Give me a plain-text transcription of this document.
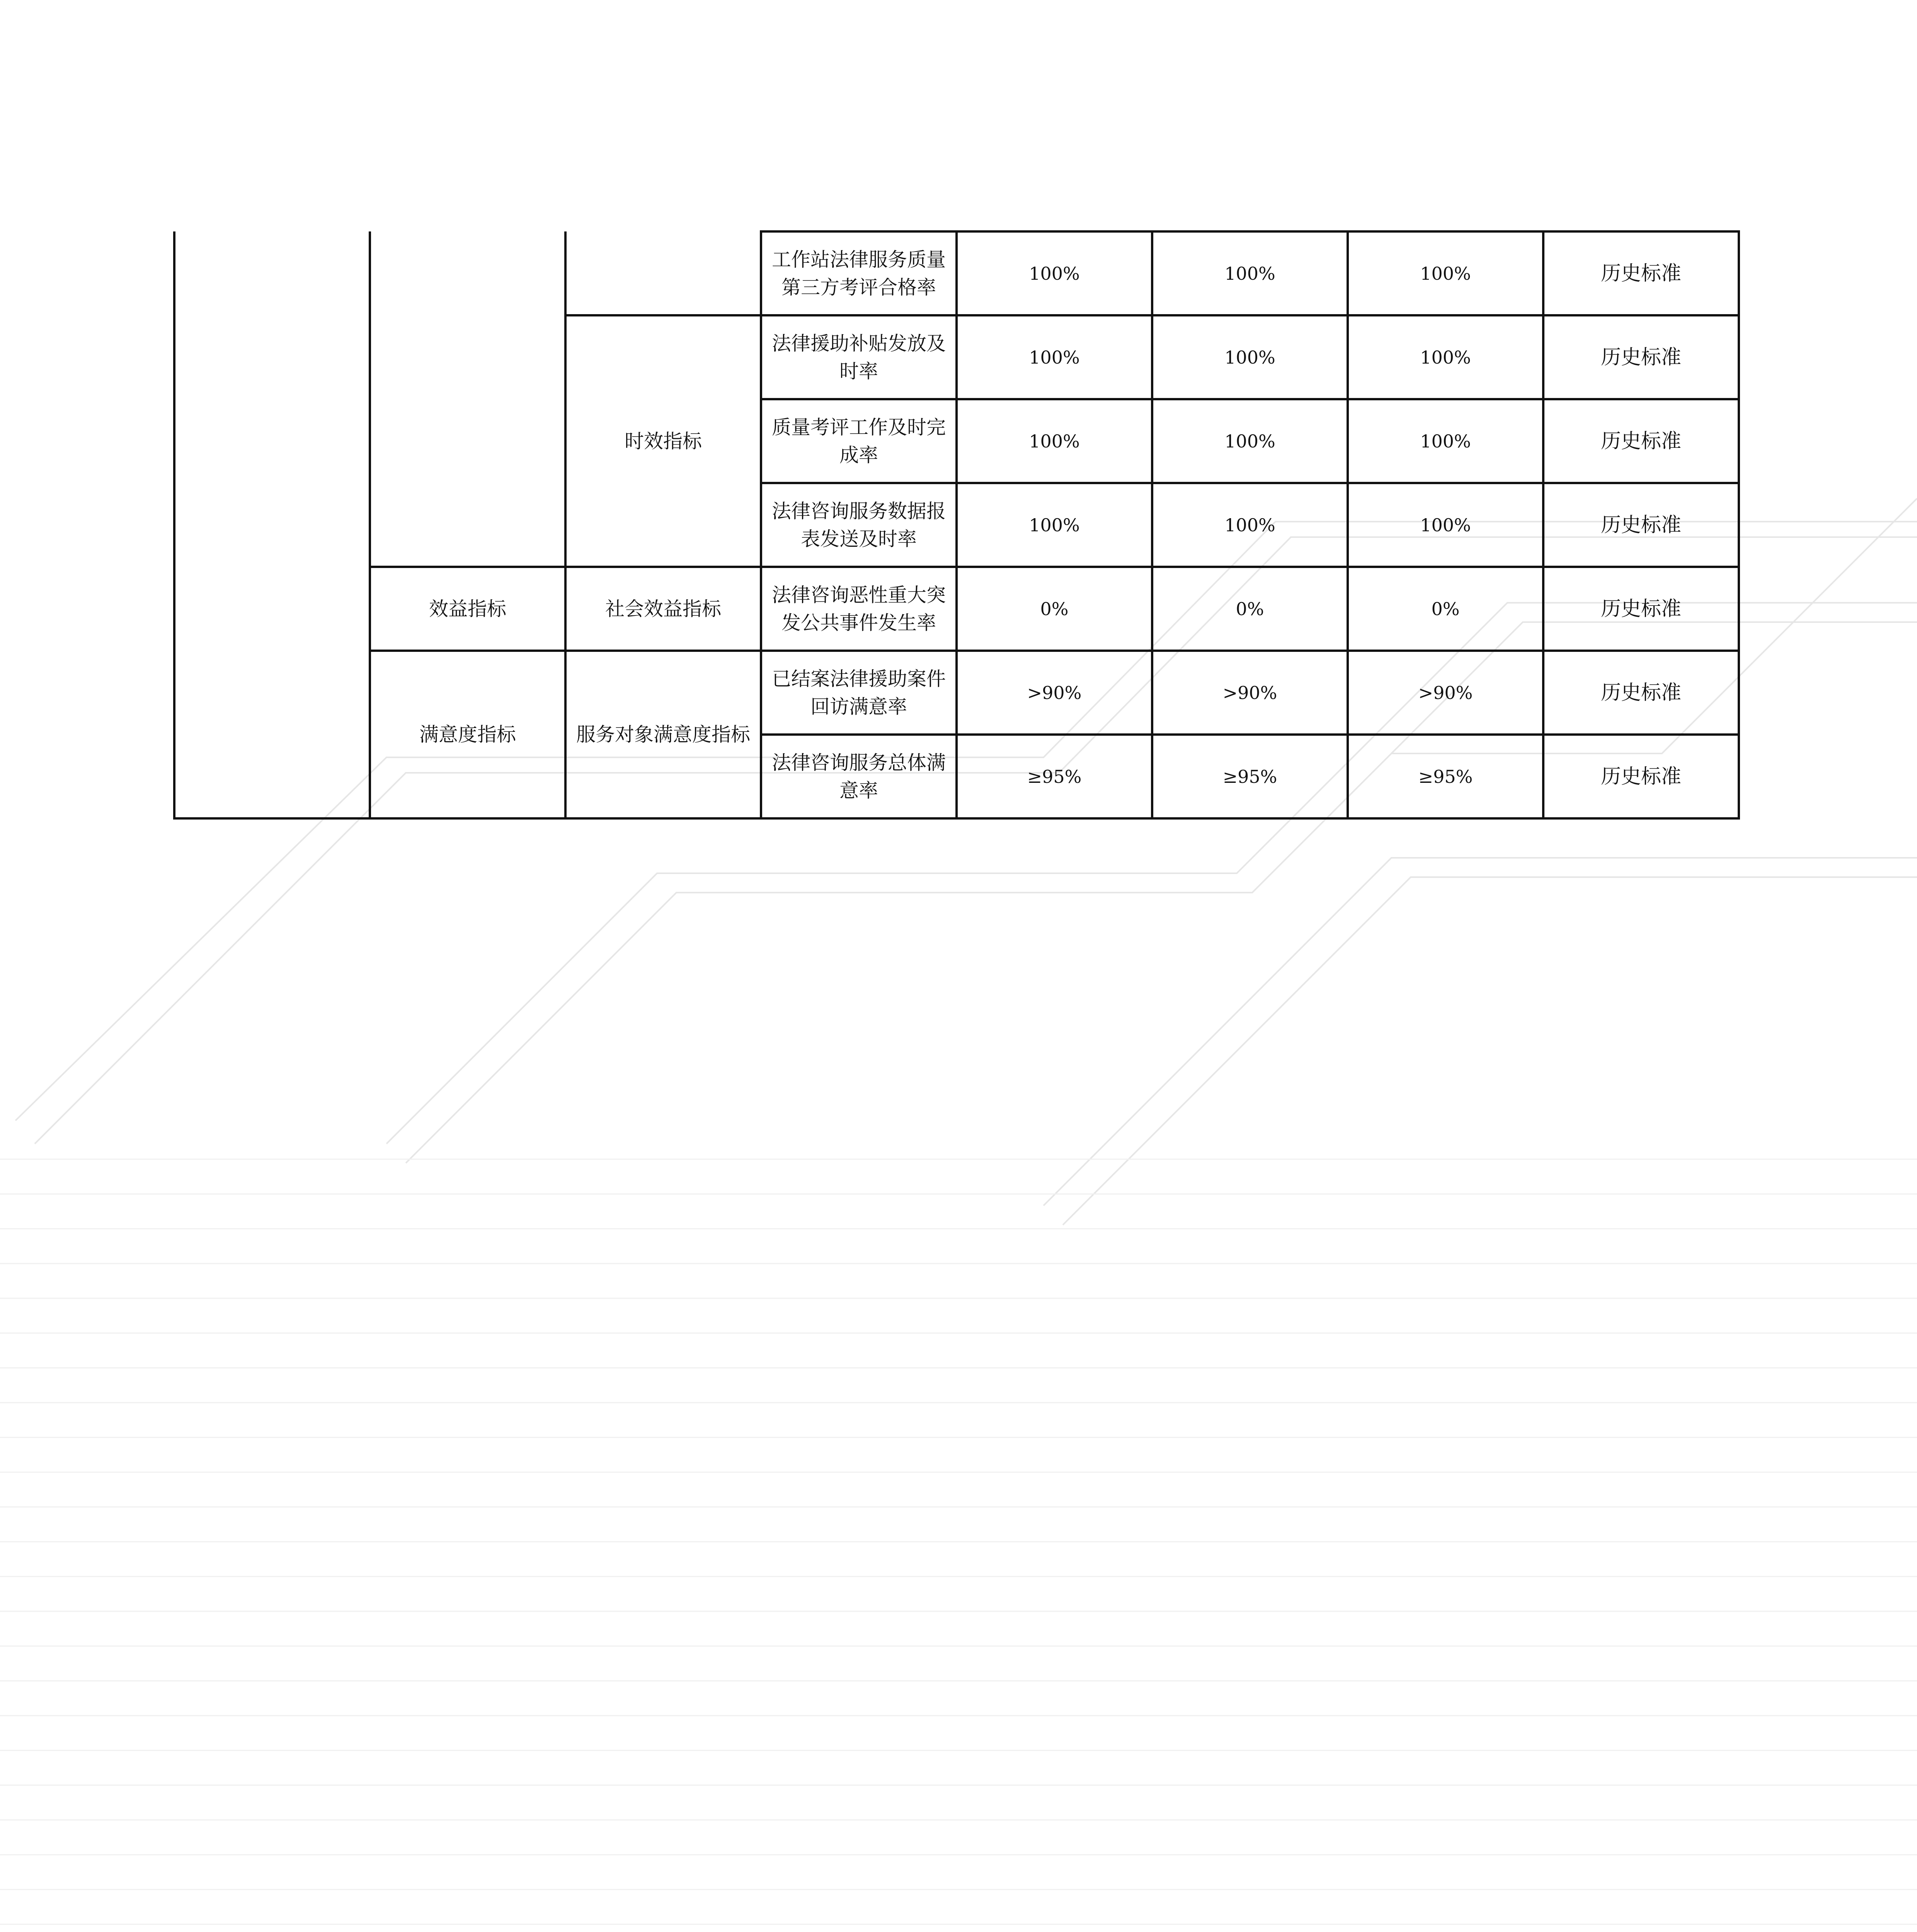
			工作站法律服务质量第三方考评合格率	100%	100%	100%	历史标准
		时效指标	法律援助补贴发放及时率	100%	100%	100%	历史标准
			质量考评工作及时完成率	100%	100%	100%	历史标准
			法律咨询服务数据报表发送及时率	100%	100%	100%	历史标准
	效益指标	社会效益指标	法律咨询恶性重大突发公共事件发生率	0%	0%	0%	历史标准
	满意度指标	服务对象满意度指标	已结案法律援助案件回访满意率	>90%	>90%	>90%	历史标准
			法律咨询服务总体满意率	≥95%	≥95%	≥95%	历史标准
